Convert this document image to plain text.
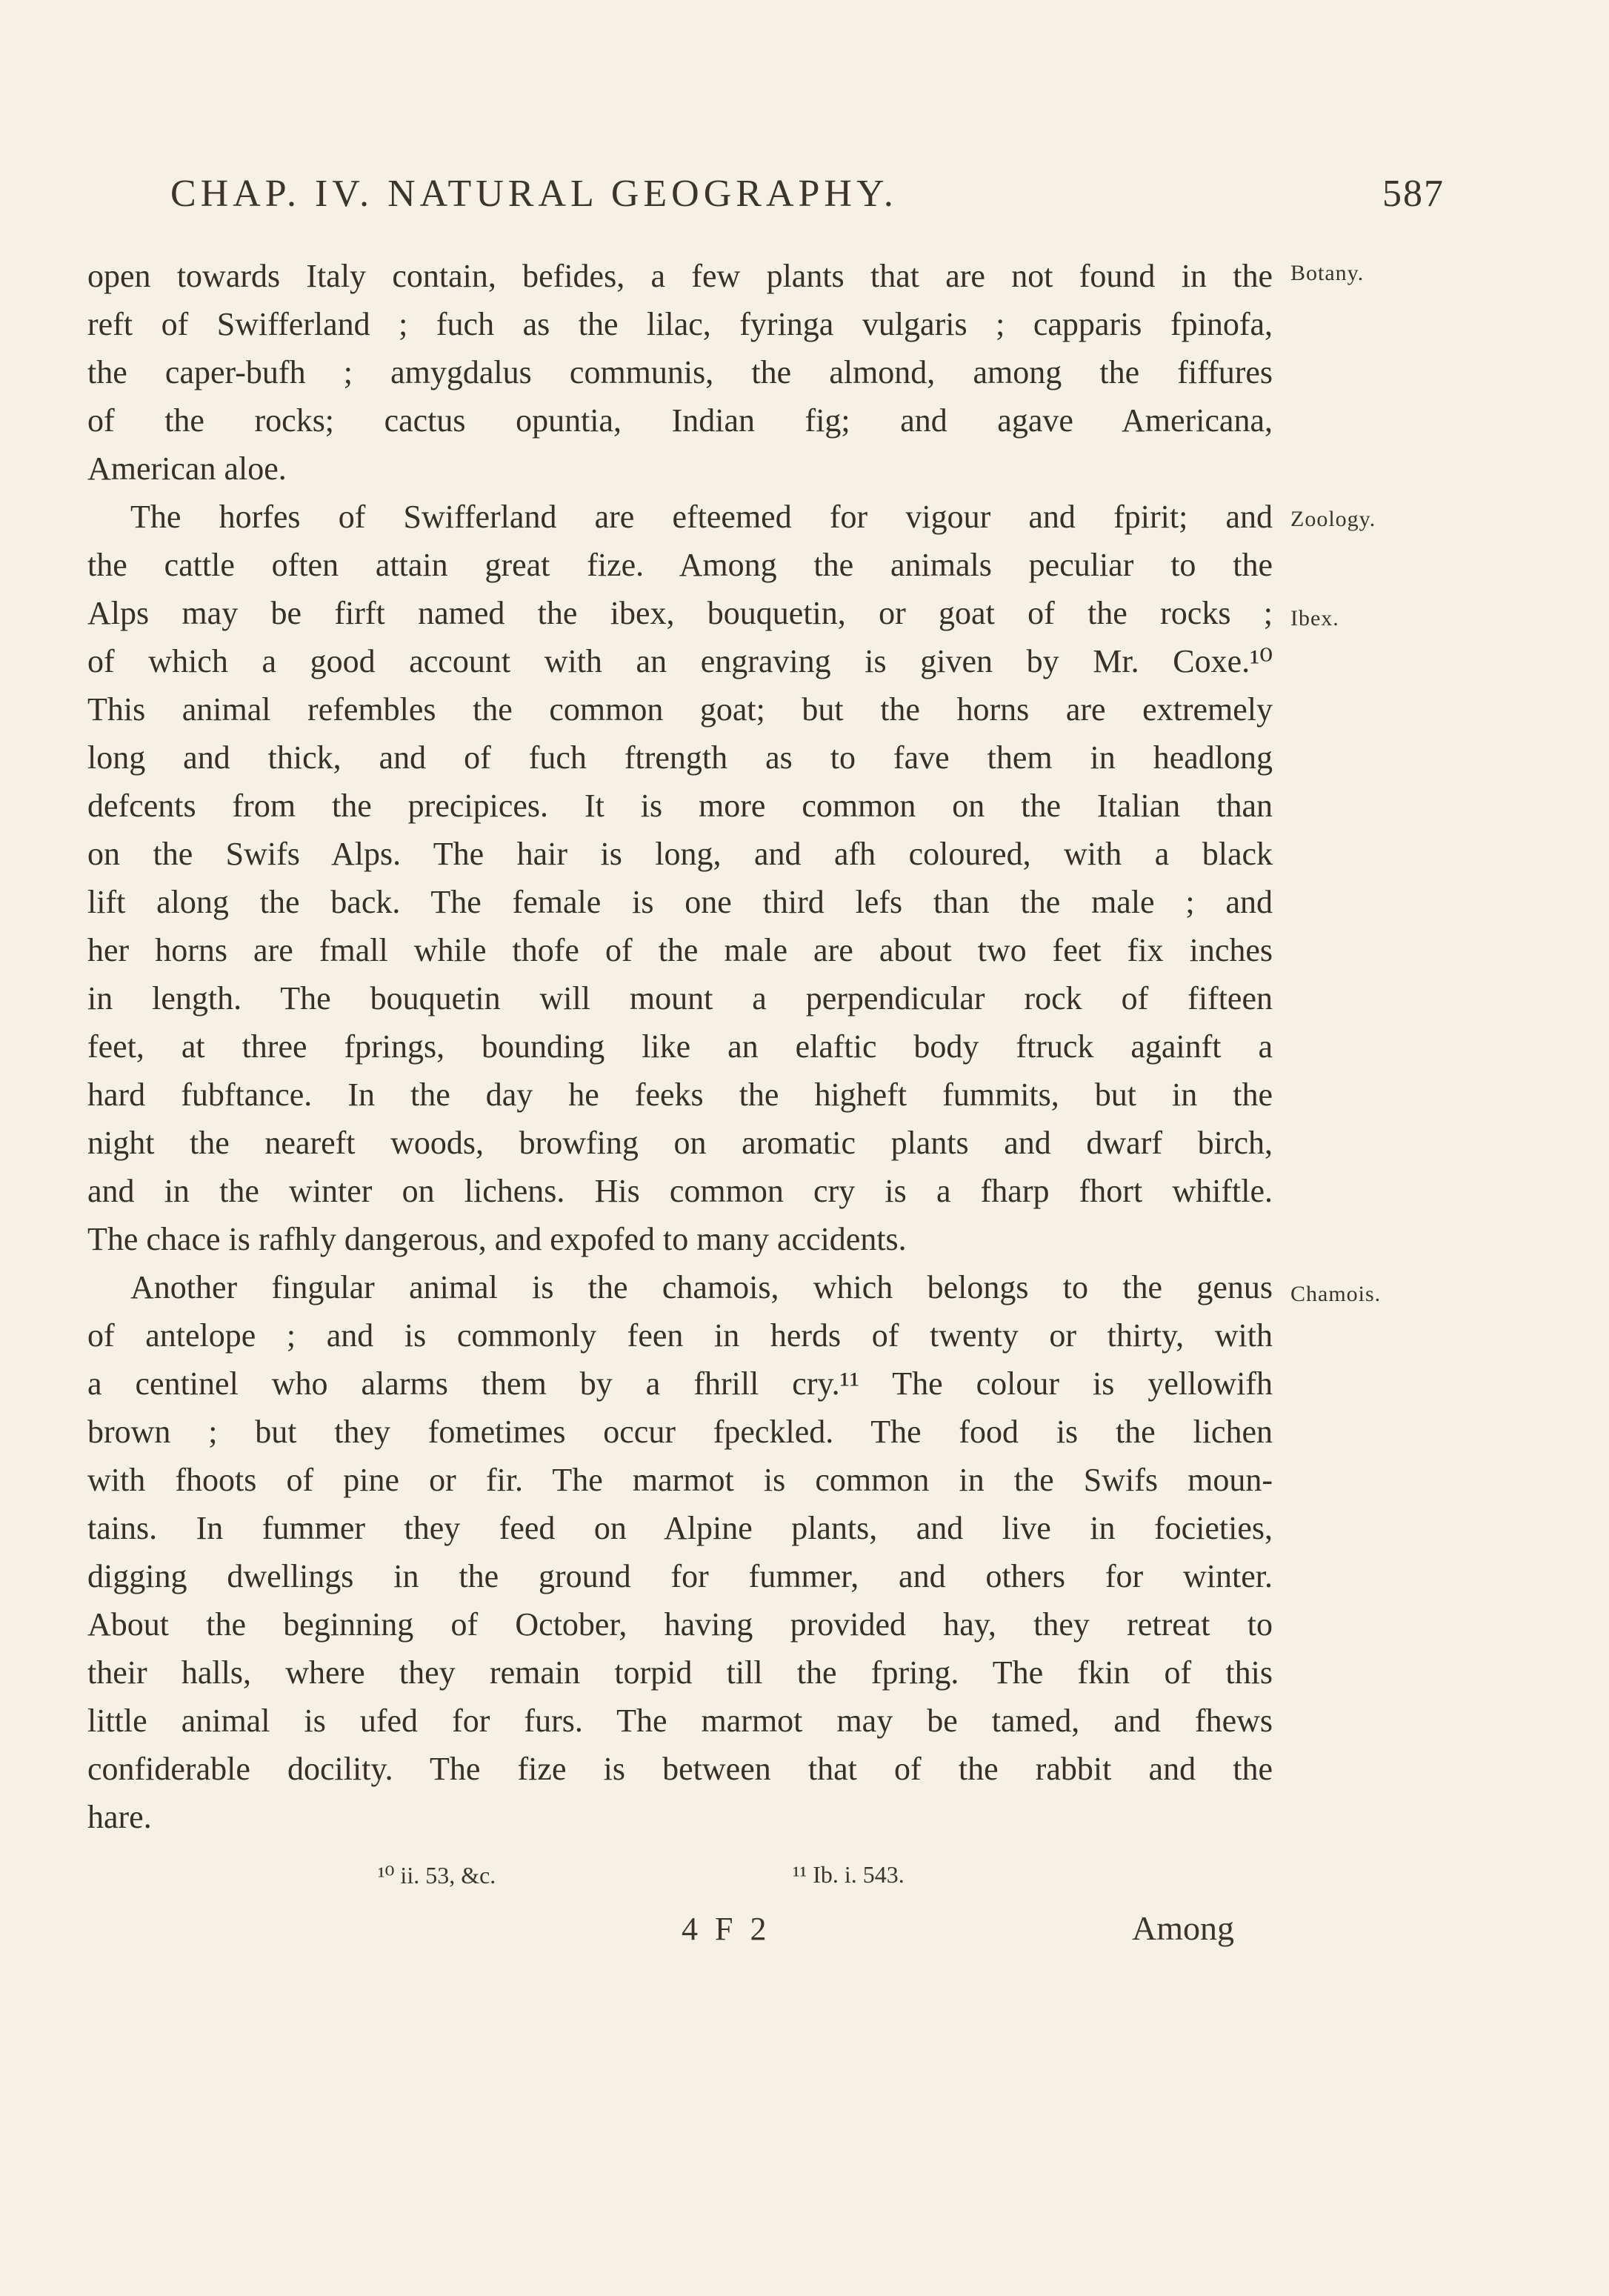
CHAP. IV. NATURAL GEOGRAPHY.	587
open towards Italy contain, befides, a few plants that are not found in the
reft of Swifferland ; fuch as the lilac, fyringa vulgaris ; capparis fpinofa,
the caper-bufh ; amygdalus communis, the almond, among the fiffures
of the rocks; cactus opuntia, Indian fig; and agave Americana,
American aloe.
The horfes of Swifferland are efteemed for vigour and fpirit; and
the cattle often attain great fize. Among the animals peculiar to the
Alps may be firft named the ibex, bouquetin, or goat of the rocks ;
of which a good account with an engraving is given by Mr. Coxe.¹⁰
This animal refembles the common goat; but the horns are extremely
long and thick, and of fuch ftrength as to fave them in headlong
defcents from the precipices. It is more common on the Italian than
on the Swifs Alps. The hair is long, and afh coloured, with a black
lift along the back. The female is one third lefs than the male ; and
her horns are fmall while thofe of the male are about two feet fix inches
in length. The bouquetin will mount a perpendicular rock of fifteen
feet, at three fprings, bounding like an elaftic body ftruck againft a
hard fubftance. In the day he feeks the higheft fummits, but in the
night the neareft woods, browfing on aromatic plants and dwarf birch,
and in the winter on lichens. His common cry is a fharp fhort whiftle.
The chace is rafhly dangerous, and expofed to many accidents.
Another fingular animal is the chamois, which belongs to the genus
of antelope ; and is commonly feen in herds of twenty or thirty, with
a centinel who alarms them by a fhrill cry.¹¹ The colour is yellowifh
brown ; but they fometimes occur fpeckled. The food is the lichen
with fhoots of pine or fir. The marmot is common in the Swifs moun-
tains. In fummer they feed on Alpine plants, and live in focieties,
digging dwellings in the ground for fummer, and others for winter.
About the beginning of October, having provided hay, they retreat to
their halls, where they remain torpid till the fpring. The fkin of this
little animal is ufed for furs. The marmot may be tamed, and fhews
confiderable docility. The fize is between that of the rabbit and the
hare.
Botany.
Zoology.
Ibex.
Chamois.
¹⁰ ii. 53, &c.	¹¹ Ib. i. 543.
4 F 2	Among
